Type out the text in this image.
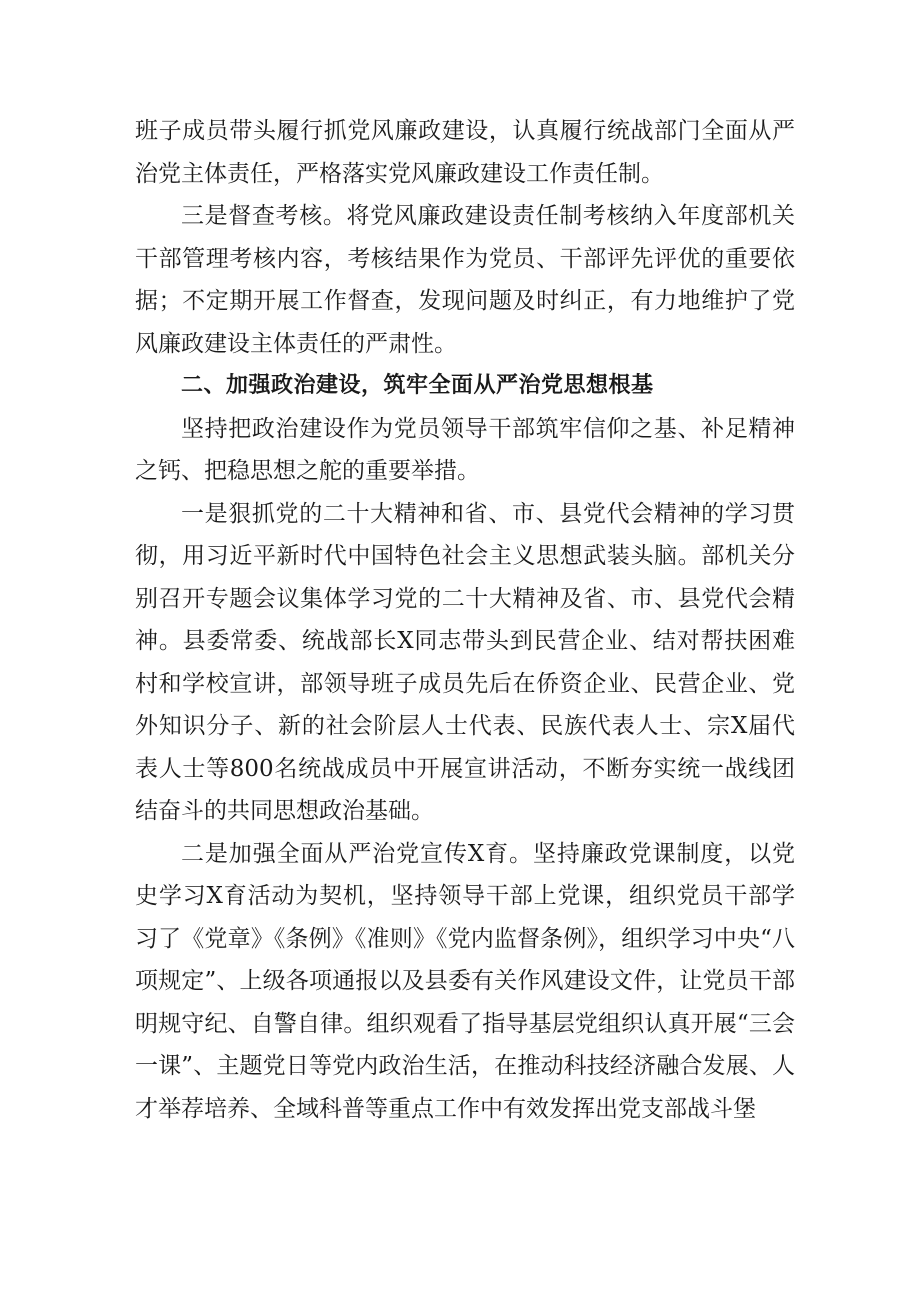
班子成员带头履行抓党风廉政建设，认真履行统战部门全面从严治党主体责任，严格落实党风廉政建设工作责任制。

三是督查考核。将党风廉政建设责任制考核纳入年度部机关干部管理考核内容，考核结果作为党员、干部评先评优的重要依据；不定期开展工作督查，发现问题及时纠正，有力地维护了党风廉政建设主体责任的严肃性。

二、加强政治建设，筑牢全面从严治党思想根基

坚持把政治建设作为党员领导干部筑牢信仰之基、补足精神之钙、把稳思想之舵的重要举措。

一是狠抓党的二十大精神和省、市、县党代会精神的学习贯彻，用习近平新时代中国特色社会主义思想武装头脑。部机关分别召开专题会议集体学习党的二十大精神及省、市、县党代会精神。县委常委、统战部长X同志带头到民营企业、结对帮扶困难村和学校宣讲，部领导班子成员先后在侨资企业、民营企业、党外知识分子、新的社会阶层人士代表、民族代表人士、宗X届代表人士等800名统战成员中开展宣讲活动，不断夯实统一战线团结奋斗的共同思想政治基础。

二是加强全面从严治党宣传X育。坚持廉政党课制度，以党史学习X育活动为契机，坚持领导干部上党课，组织党员干部学习了《党章》《条例》《准则》《党内监督条例》，组织学习中央“八项规定”、上级各项通报以及县委有关作风建设文件，让党员干部明规守纪、自警自律。组织观看了指导基层党组织认真开展“三会一课”、主题党日等党内政治生活，在推动科技经济融合发展、人才举荐培养、全域科普等重点工作中有效发挥出党支部战斗堡
